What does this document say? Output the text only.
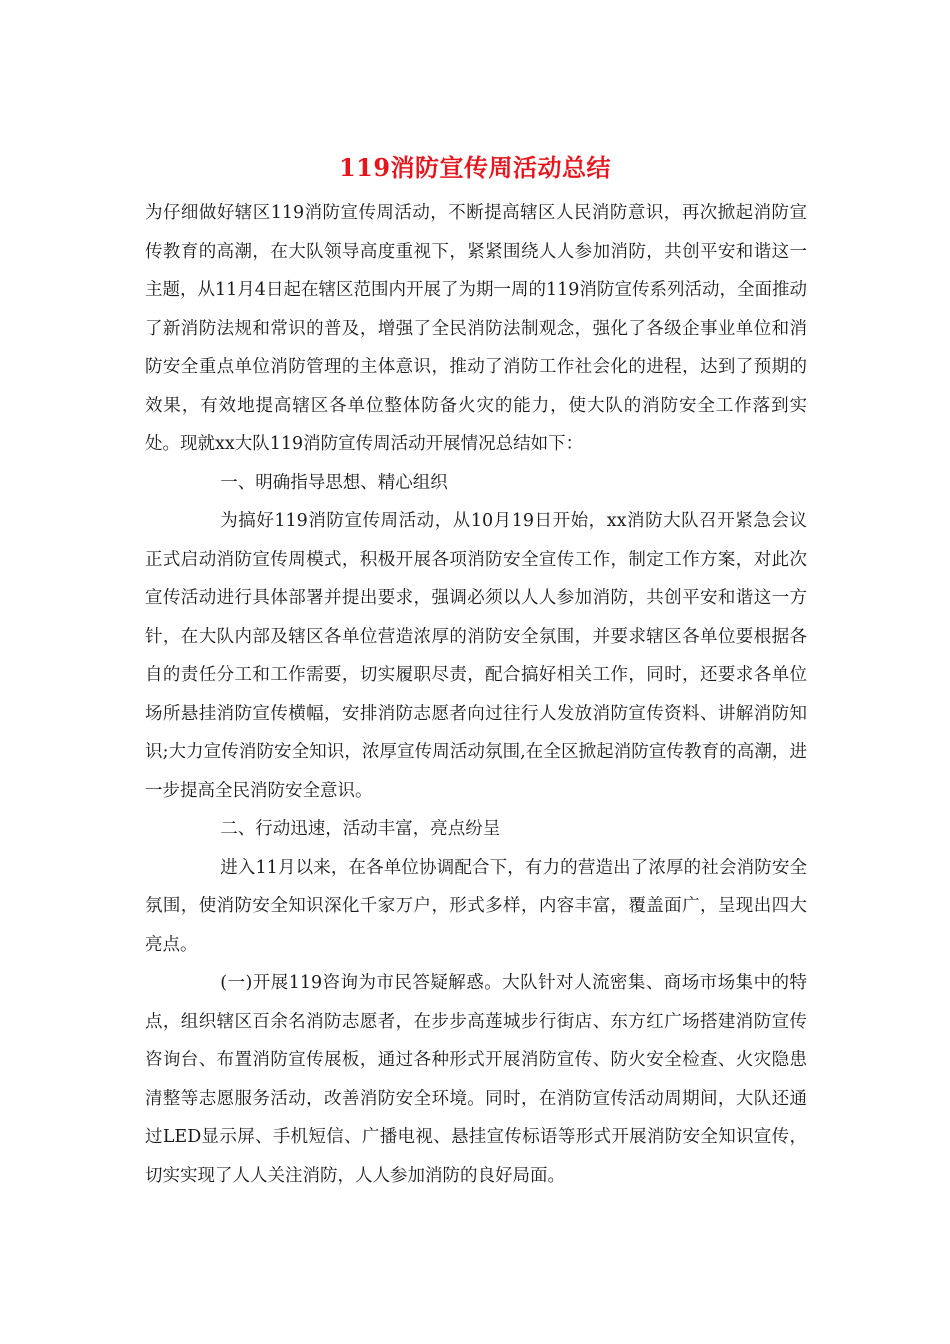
119消防宣传周活动总结

为仔细做好辖区119消防宣传周活动，不断提高辖区人民消防意识，再次掀起消防宣传教育的高潮，在大队领导高度重视下，紧紧围绕人人参加消防，共创平安和谐这一主题，从11月4日起在辖区范围内开展了为期一周的119消防宣传系列活动，全面推动了新消防法规和常识的普及，增强了全民消防法制观念，强化了各级企事业单位和消防安全重点单位消防管理的主体意识，推动了消防工作社会化的进程，达到了预期的效果，有效地提高辖区各单位整体防备火灾的能力，使大队的消防安全工作落到实处。现就xx大队119消防宣传周活动开展情况总结如下：

一、明确指导思想、精心组织

为搞好119消防宣传周活动，从10月19日开始，xx消防大队召开紧急会议正式启动消防宣传周模式，积极开展各项消防安全宣传工作，制定工作方案，对此次宣传活动进行具体部署并提出要求，强调必须以人人参加消防，共创平安和谐这一方针，在大队内部及辖区各单位营造浓厚的消防安全氛围，并要求辖区各单位要根据各自的责任分工和工作需要，切实履职尽责，配合搞好相关工作，同时，还要求各单位场所悬挂消防宣传横幅，安排消防志愿者向过往行人发放消防宣传资料、讲解消防知识;大力宣传消防安全知识，浓厚宣传周活动氛围,在全区掀起消防宣传教育的高潮，进一步提高全民消防安全意识。

二、行动迅速，活动丰富，亮点纷呈

进入11月以来，在各单位协调配合下，有力的营造出了浓厚的社会消防安全氛围，使消防安全知识深化千家万户，形式多样，内容丰富，覆盖面广，呈现出四大亮点。

(一)开展119咨询为市民答疑解惑。大队针对人流密集、商场市场集中的特点，组织辖区百余名消防志愿者，在步步高莲城步行街店、东方红广场搭建消防宣传咨询台、布置消防宣传展板，通过各种形式开展消防宣传、防火安全检查、火灾隐患清整等志愿服务活动，改善消防安全环境。同时，在消防宣传活动周期间，大队还通过LED显示屏、手机短信、广播电视、悬挂宣传标语等形式开展消防安全知识宣传，切实实现了人人关注消防，人人参加消防的良好局面。
